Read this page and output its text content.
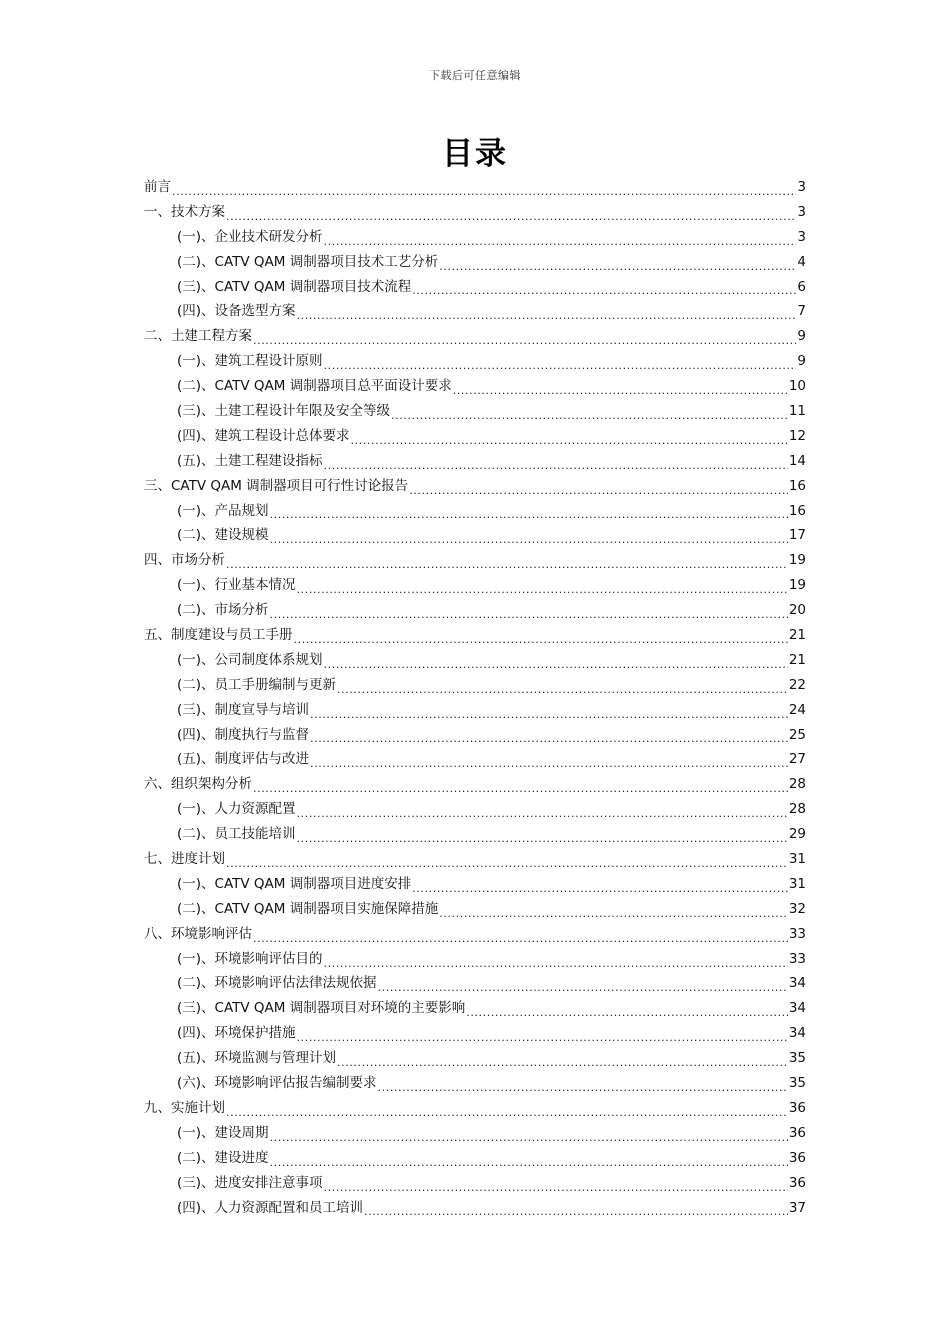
下载后可任意编辑
目录
前言 .....	3
一、技术方案 .....	3
(一)、企业技术研发分析 .....	3
(二)、CATV QAM 调制器项目技术工艺分析 .....	4
(三)、CATV QAM 调制器项目技术流程 .....	6
(四)、设备选型方案 .....	7
二、土建工程方案 .....	9
(一)、建筑工程设计原则 .....	9
(二)、CATV QAM 调制器项目总平面设计要求 .....	10
(三)、土建工程设计年限及安全等级 .....	11
(四)、建筑工程设计总体要求 .....	12
(五)、土建工程建设指标 .....	14
三、CATV QAM 调制器项目可行性讨论报告 .....	16
(一)、产品规划 .....	16
(二)、建设规模 .....	17
四、市场分析 .....	19
(一)、行业基本情况 .....	19
(二)、市场分析 .....	20
五、制度建设与员工手册 .....	21
(一)、公司制度体系规划 .....	21
(二)、员工手册编制与更新 .....	22
(三)、制度宣导与培训 .....	24
(四)、制度执行与监督 .....	25
(五)、制度评估与改进 .....	27
六、组织架构分析 .....	28
(一)、人力资源配置 .....	28
(二)、员工技能培训 .....	29
七、进度计划 .....	31
(一)、CATV QAM 调制器项目进度安排 .....	31
(二)、CATV QAM 调制器项目实施保障措施 .....	32
八、环境影响评估 .....	33
(一)、环境影响评估目的 .....	33
(二)、环境影响评估法律法规依据 .....	34
(三)、CATV QAM 调制器项目对环境的主要影响 .....	34
(四)、环境保护措施 .....	34
(五)、环境监测与管理计划 .....	35
(六)、环境影响评估报告编制要求 .....	35
九、实施计划 .....	36
(一)、建设周期 .....	36
(二)、建设进度 .....	36
(三)、进度安排注意事项 .....	36
(四)、人力资源配置和员工培训 .....	37
